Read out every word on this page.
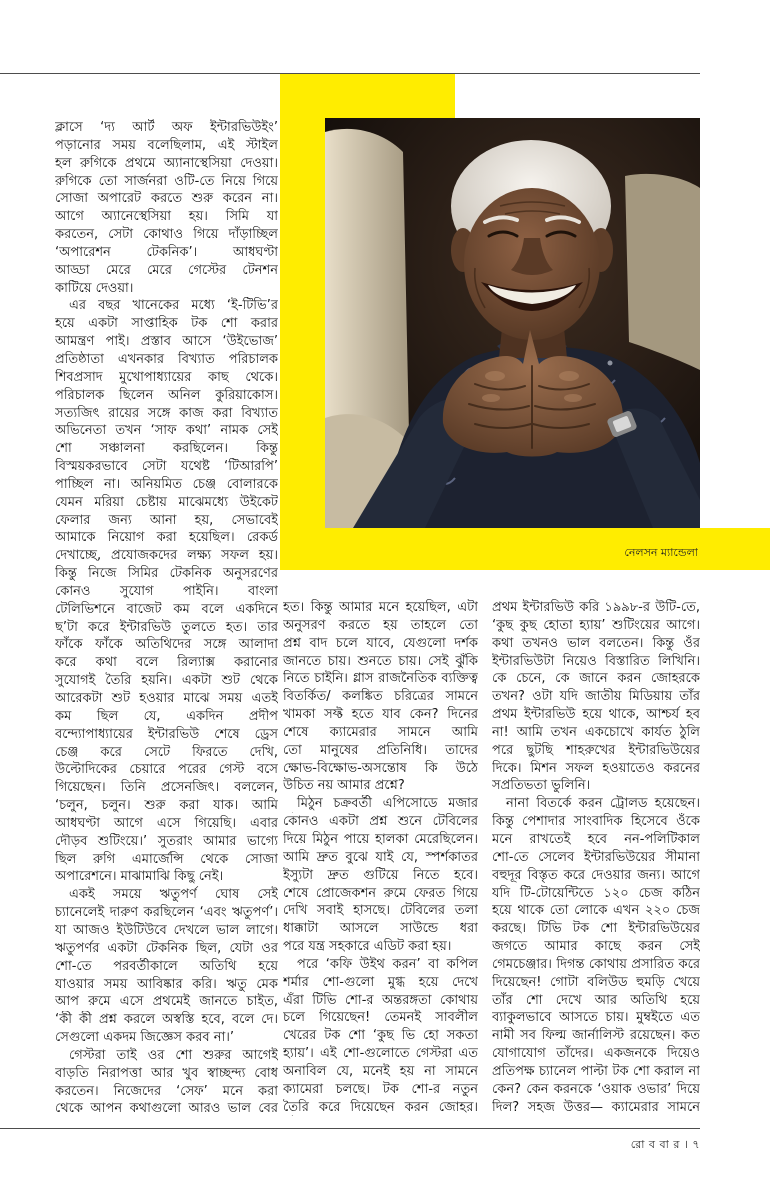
নেলসন ম্যান্ডেলা
ক্লাসে ‘দ্য আর্ট অফ ইন্টারভিউইং’
পড়ানোর সময় বলেছিলাম, এই স্টাইল
হল রুগিকে প্রথমে অ্যানাস্থেসিয়া দেওয়া।
রুগিকে তো সার্জনরা ওটি-তে নিয়ে গিয়ে
সোজা অপারেট করতে শুরু করেন না।
আগে অ্যানেস্থেসিয়া হয়। সিমি যা
করতেন, সেটা কোথাও গিয়ে দাঁড়াচ্ছিল
‘অপারেশন টেকনিক’। আধঘণ্টা
আড্ডা মেরে মেরে গেস্টের টেনশন
কাটিয়ে দেওয়া।
এর বছর খানেকের মধ্যে ‘ই-টিভি’র
হয়ে একটা সাপ্তাহিক টক শো করার
আমন্ত্রণ পাই। প্রস্তাব আসে ‘উইভোজ’
প্রতিষ্ঠাতা এখনকার বিখ্যাত পরিচালক
শিবপ্রসাদ মুখোপাধ্যায়ের কাছ থেকে।
পরিচালক ছিলেন অনিল কুরিয়াকোস।
সত্যজিৎ রায়ের সঙ্গে কাজ করা বিখ্যাত
অভিনেতা তখন ‘সাফ কথা’ নামক সেই
শো সঞ্চালনা করছিলেন। কিন্তু
বিস্ময়করভাবে সেটা যথেষ্ট ‘টিআরপি’
পাচ্ছিল না। অনিয়মিত চেঞ্জ বোলারকে
যেমন মরিয়া চেষ্টায় মাঝেমধ্যে উইকেট
ফেলার জন্য আনা হয়, সেভাবেই
আমাকে নিয়োগ করা হয়েছিল। রেকর্ড
দেখাচ্ছে, প্রযোজকদের লক্ষ্য সফল হয়।
কিন্তু নিজে সিমির টেকনিক অনুসরণের
কোনও সুযোগ পাইনি। বাংলা
টেলিভিশনে বাজেট কম বলে একদিনে
ছ’টা করে ইন্টারভিউ তুলতে হত। তার
ফাঁকে ফাঁকে অতিথিদের সঙ্গে আলাদা
করে কথা বলে রিল্যাক্স করানোর
সুযোগই তৈরি হয়নি। একটা শুট থেকে
আরেকটা শুট হওয়ার মাঝে সময় এতই
কম ছিল যে, একদিন প্রদীপ
বন্দ্যোপাধ্যায়ের ইন্টারভিউ শেষে ড্রেস
চেঞ্জ করে সেটে ফিরতে দেখি,
উল্টোদিকের চেয়ারে পরের গেস্ট বসে
গিয়েছেন। তিনি প্রসেনজিৎ। বললেন,
‘চলুন, চলুন। শুরু করা যাক। আমি
আধঘণ্টা আগে এসে গিয়েছি। এবার
দৌড়ব শুটিংয়ে।’ সুতরাং আমার ভাগ্যে
ছিল রুগি এমার্জেন্সি থেকে সোজা
অপারেশনে। মাঝামাঝি কিছু নেই।
একই সময়ে ঋতুপর্ণ ঘোষ সেই
চ্যানেলেই দারুণ করছিলেন ‘এবং ঋতুপর্ণ’।
যা আজও ইউটিউবে দেখলে ভাল লাগে।
ঋতুপর্ণর একটা টেকনিক ছিল, যেটা ওর
শো-তে পরবর্তীকালে অতিথি হয়ে
যাওয়ার সময় আবিষ্কার করি। ঋতু মেক
আপ রুমে এসে প্রথমেই জানতে চাইত,
‘কী কী প্রশ্ন করলে অস্বস্তি হবে, বলে দে।
সেগুলো একদম জিজ্ঞেস করব না।’
গেস্টরা তাই ওর শো শুরুর আগেই
বাড়তি নিরাপত্তা আর খুব স্বাচ্ছন্দ্য বোধ
করতেন। নিজেদের ‘সেফ’ মনে করা
থেকে আপন কথাগুলো আরও ভাল বের
হত। কিন্তু আমার মনে হয়েছিল, এটা
অনুসরণ করতে হয় তাহলে তো
প্রশ্ন বাদ চলে যাবে, যেগুলো দর্শক
জানতে চায়। শুনতে চায়। সেই ঝুঁকি
নিতে চাইনি। গ্লাস রাজনৈতিক ব্যক্তিত্ব
বিতর্কিত/ কলঙ্কিত চরিত্রের সামনে
খামকা সফ্ট হতে যাব কেন? দিনের
শেষে ক্যামেরার সামনে আমি
তো মানুষের প্রতিনিধি। তাদের
ক্ষোভ-বিক্ষোভ-অসন্তোষ কি উঠে
উচিত নয় আমার প্রশ্নে?
মিঠুন চক্রবর্তী এপিসোডে মজার
কোনও একটা প্রশ্ন শুনে টেবিলের
দিয়ে মিঠুন পায়ে হালকা মেরেছিলেন।
আমি দ্রুত বুঝে যাই যে, স্পর্শকাতর
ইস্যুটা দ্রুত গুটিয়ে নিতে হবে।
শেষে প্রোজেকশন রুমে ফেরত গিয়ে
দেখি সবাই হাসছে। টেবিলের তলা
ধাক্কাটা আসলে সাউন্ডে ধরা
পরে যন্ত্র সহকারে এডিট করা হয়।
পরে ‘কফি উইথ করন’ বা কপিল
শর্মার শো-গুলো মুগ্ধ হয়ে দেখে
এঁরা টিভি শো-র অন্তরঙ্গতা কোথায়
চলে গিয়েছেন! তেমনই সাবলীল
খেরের টক শো ‘কুছ ভি হো সকতা
হ্যায়’। এই শো-গুলোতে গেস্টরা এত
অনাবিল যে, মনেই হয় না সামনে
ক্যামেরা চলছে। টক শো-র নতুন
তৈরি করে দিয়েছেন করন জোহর।
প্রথম ইন্টারভিউ করি ১৯৯৮-র উটি-তে,
‘কুছ কুছ হোতা হ্যায়’ শুটিংয়ের আগে।
কথা তখনও ভাল বলতেন। কিন্তু ওঁর
ইন্টারভিউটা নিয়েও বিস্তারিত লিখিনি।
কে চেনে, কে জানে করন জোহরকে
তখন? ওটা যদি জাতীয় মিডিয়ায় তাঁর
প্রথম ইন্টারভিউ হয়ে থাকে, আশ্চর্য হব
না! আমি তখন একচোখে কার্যত ঠুলি
পরে ছুটছি শাহরুখের ইন্টারভিউয়ের
দিকে। মিশন সফল হওয়াতেও করনের
সপ্রতিভতা ভুলিনি।
নানা বিতর্কে করন ট্রোলড হয়েছেন।
কিন্তু পেশাদার সাংবাদিক হিসেবে ওঁকে
মনে রাখতেই হবে নন-পলিটিকাল
শো-তে সেলেব ইন্টারভিউয়ের সীমানা
বহুদূর বিস্তৃত করে দেওয়ার জন্য। আগে
যদি টি-টোয়েন্টিতে ১২০ চেজ কঠিন
হয়ে থাকে তো লোকে এখন ২২০ চেজ
করছে। টিভি টক শো ইন্টারভিউয়ের
জগতে আমার কাছে করন সেই
গেমচেঞ্জার। দিগন্ত কোথায় প্রসারিত করে
দিয়েছেন! গোটা বলিউড হুমড়ি খেয়ে
তাঁর শো দেখে আর অতিথি হয়ে
ব্যাকুলভাবে আসতে চায়। মুম্বইতে এত
নামী সব ফিল্ম জার্নালিস্ট রয়েছেন। কত
যোগাযোগ তাঁদের। একজনকে দিয়েও
প্রতিপক্ষ চ্যানেল পাল্টা টক শো করাল না
কেন? কেন করনকে ‘ওয়াক ওভার’ দিয়ে
দিল? সহজ উত্তর— ক্যামেরার সামনে
রো ব বা র । ৭
